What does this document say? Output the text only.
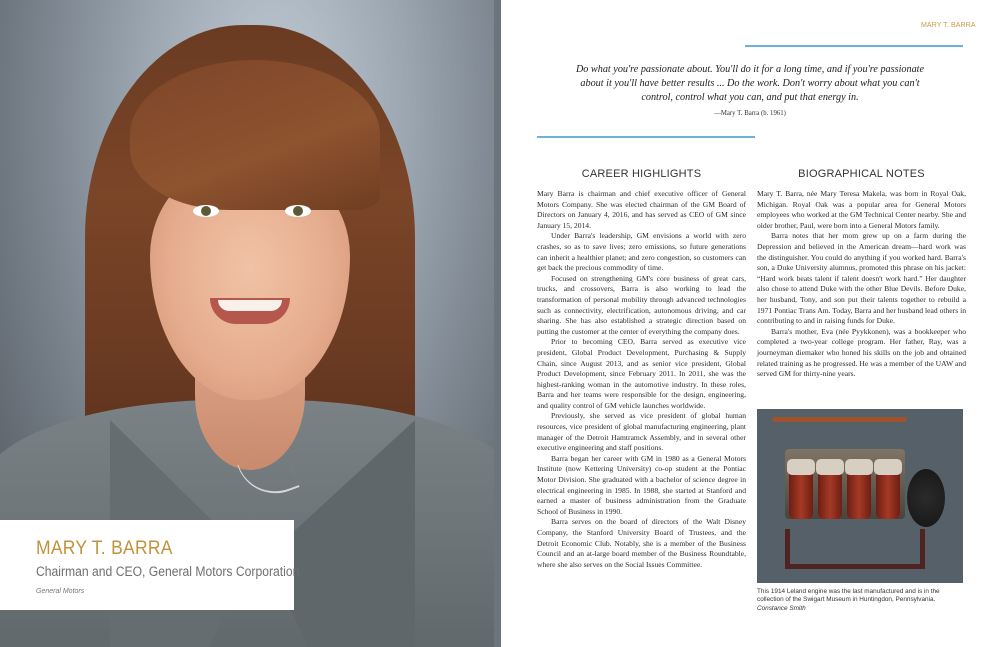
MARY T. BARRA
Chairman and CEO, General Motors Corporation
General Motors
MARY T. BARRA
Do what you're passionate about. You'll do it for a long time, and if you're passionate about it you'll have better results ... Do the work. Don't worry about what you can't control, control what you can, and put that energy in.
—Mary T. Barra (b. 1961)
CAREER HIGHLIGHTS

Mary Barra is chairman and chief executive officer of General Motors Company. She was elected chairman of the GM Board of Directors on January 4, 2016, and has served as CEO of GM since January 15, 2014.

Under Barra's leadership, GM envisions a world with zero crashes, so as to save lives; zero emissions, so future generations can inherit a healthier planet; and zero congestion, so customers can get back the precious commodity of time.

Focused on strengthening GM's core business of great cars, trucks, and crossovers, Barra is also working to lead the transformation of personal mobility through advanced technologies such as connectivity, electrification, autonomous driving, and car sharing. She has also established a strategic direction based on putting the customer at the center of everything the company does.

Prior to becoming CEO, Barra served as executive vice president, Global Product Development, Purchasing & Supply Chain, since August 2013, and as senior vice president, Global Product Development, since February 2011. In 2011, she was the highest-ranking woman in the automotive industry. In these roles, Barra and her teams were responsible for the design, engineering, and quality control of GM vehicle launches worldwide.

Previously, she served as vice president of global human resources, vice president of global manufacturing engineering, plant manager of the Detroit Hamtramck Assembly, and in several other executive engineering and staff positions.

Barra began her career with GM in 1980 as a General Motors Institute (now Kettering University) co-op student at the Pontiac Motor Division. She graduated with a bachelor of science degree in electrical engineering in 1985. In 1988, she started at Stanford and earned a master of business administration from the Graduate School of Business in 1990.

Barra serves on the board of directors of the Walt Disney Company, the Stanford University Board of Trustees, and the Detroit Economic Club. Notably, she is a member of the Business Council and an at-large board member of the Business Roundtable, where she also serves on the Social Issues Committee.

BIOGRAPHICAL NOTES

Mary T. Barra, née Mary Teresa Makela, was born in Royal Oak, Michigan. Royal Oak was a popular area for General Motors employees who worked at the GM Technical Center nearby. She and older brother, Paul, were born into a General Motors family.

Barra notes that her mom grew up on a farm during the Depression and believed in the American dream—hard work was the distinguisher. You could do anything if you worked hard. Barra's son, a Duke University alumnus, promoted this phrase on his jacket: “Hard work beats talent if talent doesn't work hard.” Her daughter also chose to attend Duke with the other Blue Devils. Before Duke, her husband, Tony, and son put their talents together to rebuild a 1971 Pontiac Trans Am. Today, Barra and her husband lead others in contributing to and in raising funds for Duke.

Barra's mother, Eva (née Pyykkonen), was a bookkeeper who completed a two-year college program. Her father, Ray, was a journeyman diemaker who honed his skills on the job and obtained related training as he progressed. He was a member of the UAW and served GM for thirty-nine years.

This 1914 Leland engine was the last manufactured and is in the collection of the Swigart Museum in Huntingdon, Pennsylvania.
Constance Smith
